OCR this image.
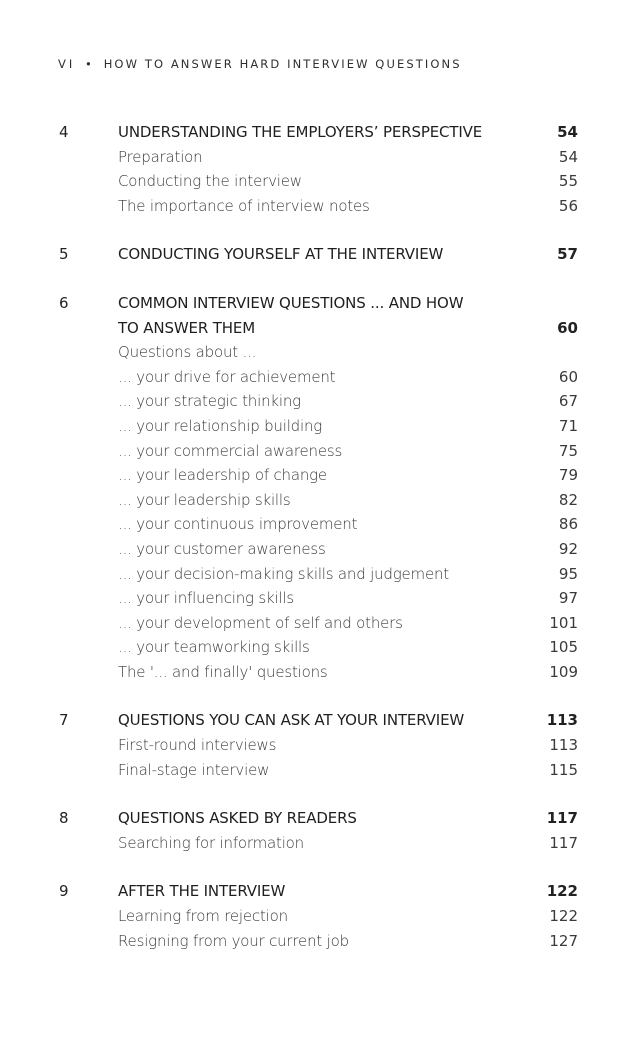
VI • HOW TO ANSWER HARD INTERVIEW QUESTIONS
4	UNDERSTANDING THE EMPLOYERS’ PERSPECTIVE	54
Preparation	54
Conducting the interview	55
The importance of interview notes	56
5	CONDUCTING YOURSELF AT THE INTERVIEW	57
6	COMMON INTERVIEW QUESTIONS ... AND HOW
TO ANSWER THEM	60
Questions about ...
... your drive for achievement	60
... your strategic thinking	67
... your relationship building	71
... your commercial awareness	75
... your leadership of change	79
... your leadership skills	82
... your continuous improvement	86
... your customer awareness	92
... your decision-making skills and judgement	95
... your influencing skills	97
... your development of self and others	101
... your teamworking skills	105
The '... and finally' questions	109
7	QUESTIONS YOU CAN ASK AT YOUR INTERVIEW	113
First-round interviews	113
Final-stage interview	115
8	QUESTIONS ASKED BY READERS	117
Searching for information	117
9	AFTER THE INTERVIEW	122
Learning from rejection	122
Resigning from your current job	127
